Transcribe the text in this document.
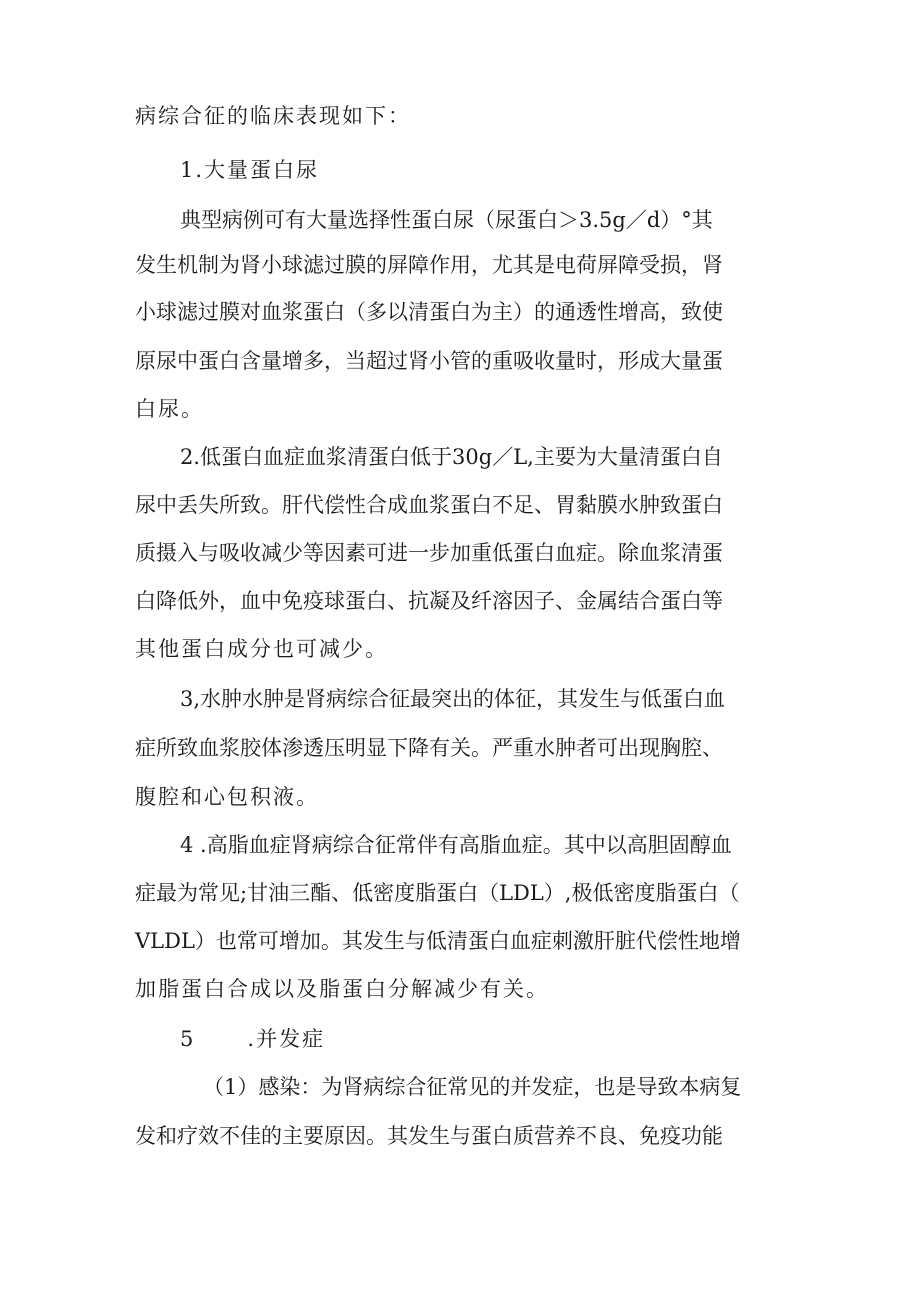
病综合征的临床表现如下：
1.大量蛋白尿
典型病例可有大量选择性蛋白尿（尿蛋白＞3.5g／d）°其
发生机制为肾小球滤过膜的屏障作用，尤其是电荷屏障受损，肾
小球滤过膜对血浆蛋白（多以清蛋白为主）的通透性增高，致使
原尿中蛋白含量增多，当超过肾小管的重吸收量时，形成大量蛋
白尿。
2.低蛋白血症血浆清蛋白低于30g／L,主要为大量清蛋白自
尿中丢失所致。肝代偿性合成血浆蛋白不足、胃黏膜水肿致蛋白
质摄入与吸收减少等因素可进一步加重低蛋白血症。除血浆清蛋
白降低外，血中免疫球蛋白、抗凝及纤溶因子、金属结合蛋白等
其他蛋白成分也可减少。
3,水肿水肿是肾病综合征最突出的体征，其发生与低蛋白血
症所致血浆胶体渗透压明显下降有关。严重水肿者可出现胸腔、
腹腔和心包积液。
4 .高脂血症肾病综合征常伴有高脂血症。其中以高胆固醇血
症最为常见;甘油三酯、低密度脂蛋白（LDL）,极低密度脂蛋白（
VLDL）也常可增加。其发生与低清蛋白血症刺激肝脏代偿性地增
加脂蛋白合成以及脂蛋白分解减少有关。
5      .并发症
（1）感染：为肾病综合征常见的并发症，也是导致本病复
发和疗效不佳的主要原因。其发生与蛋白质营养不良、免疫功能
